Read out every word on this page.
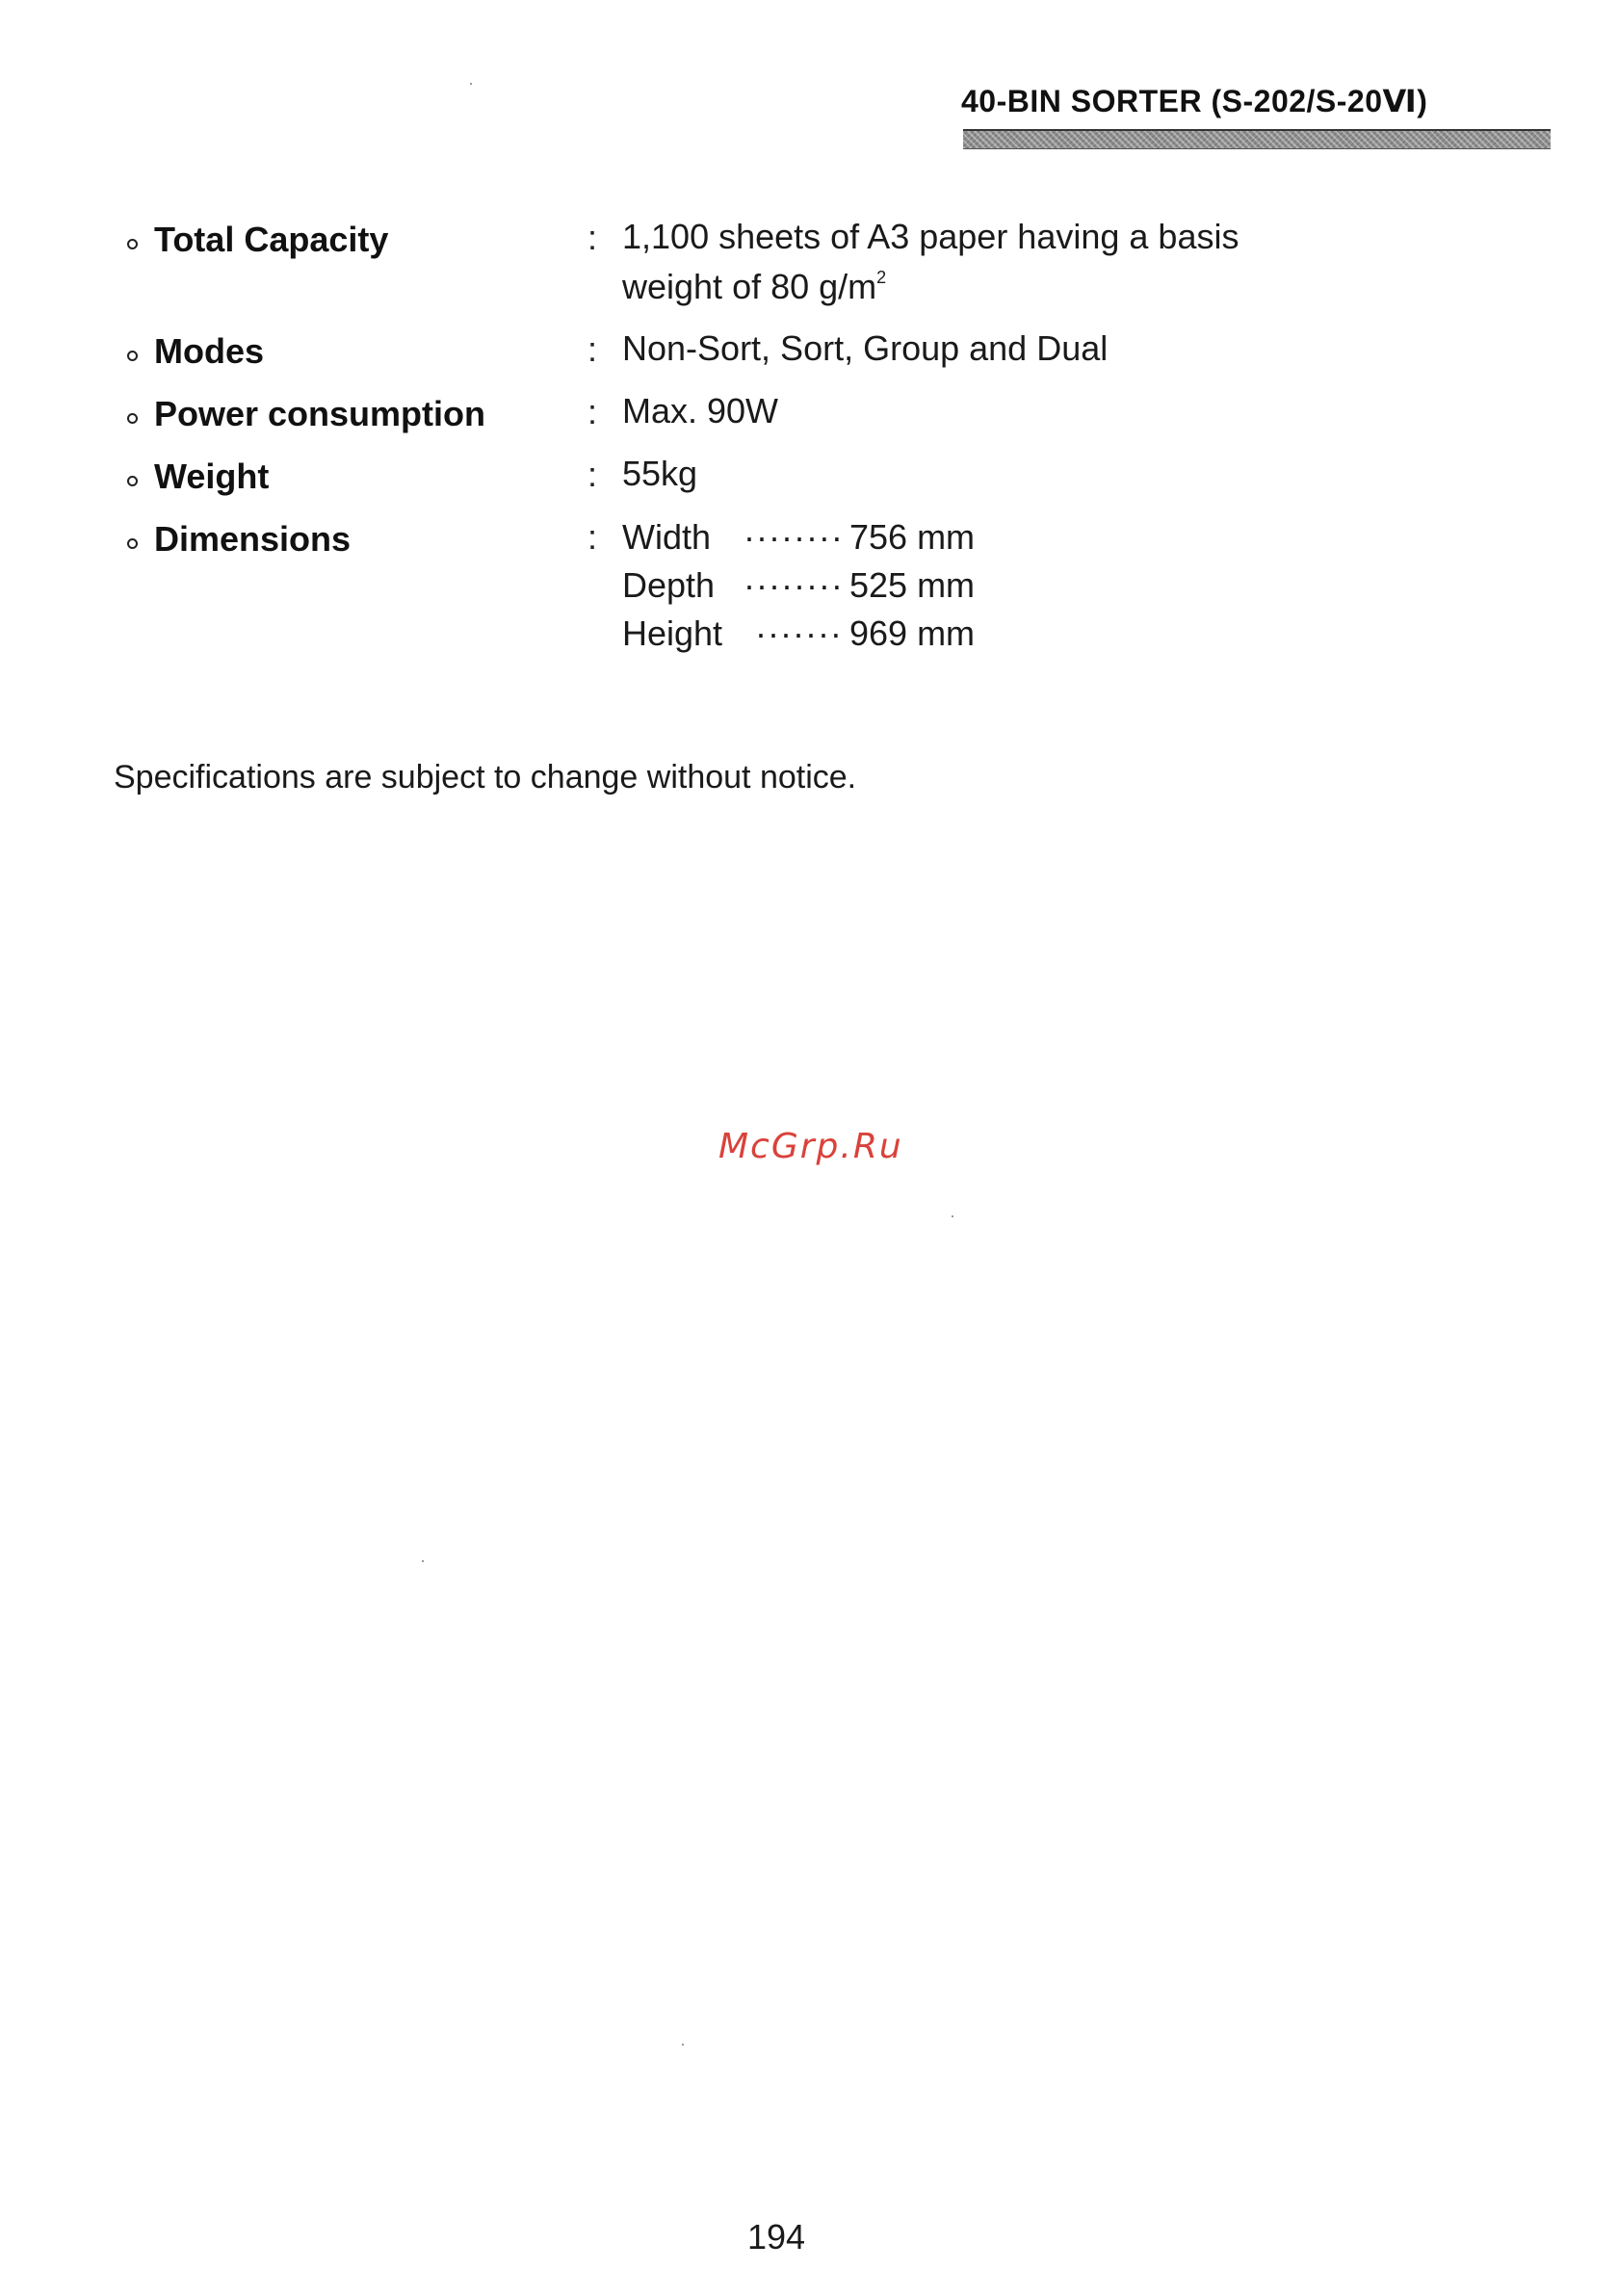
40-BIN SORTER (S-202/S-20Ⅵ)
Total Capacity	: 1,100 sheets of A3 paper having a basis
weight of 80 $g/m^2$
Modes	: Non-Sort, Sort, Group and Dual
Power consumption	: Max. 90W
Weight	: 55kg
Dimensions	: Width ········ 756 mm
Depth ········ 525 mm
Height ······· 969 mm
Specifications are subject to change without notice.
McGrp.Ru
194
